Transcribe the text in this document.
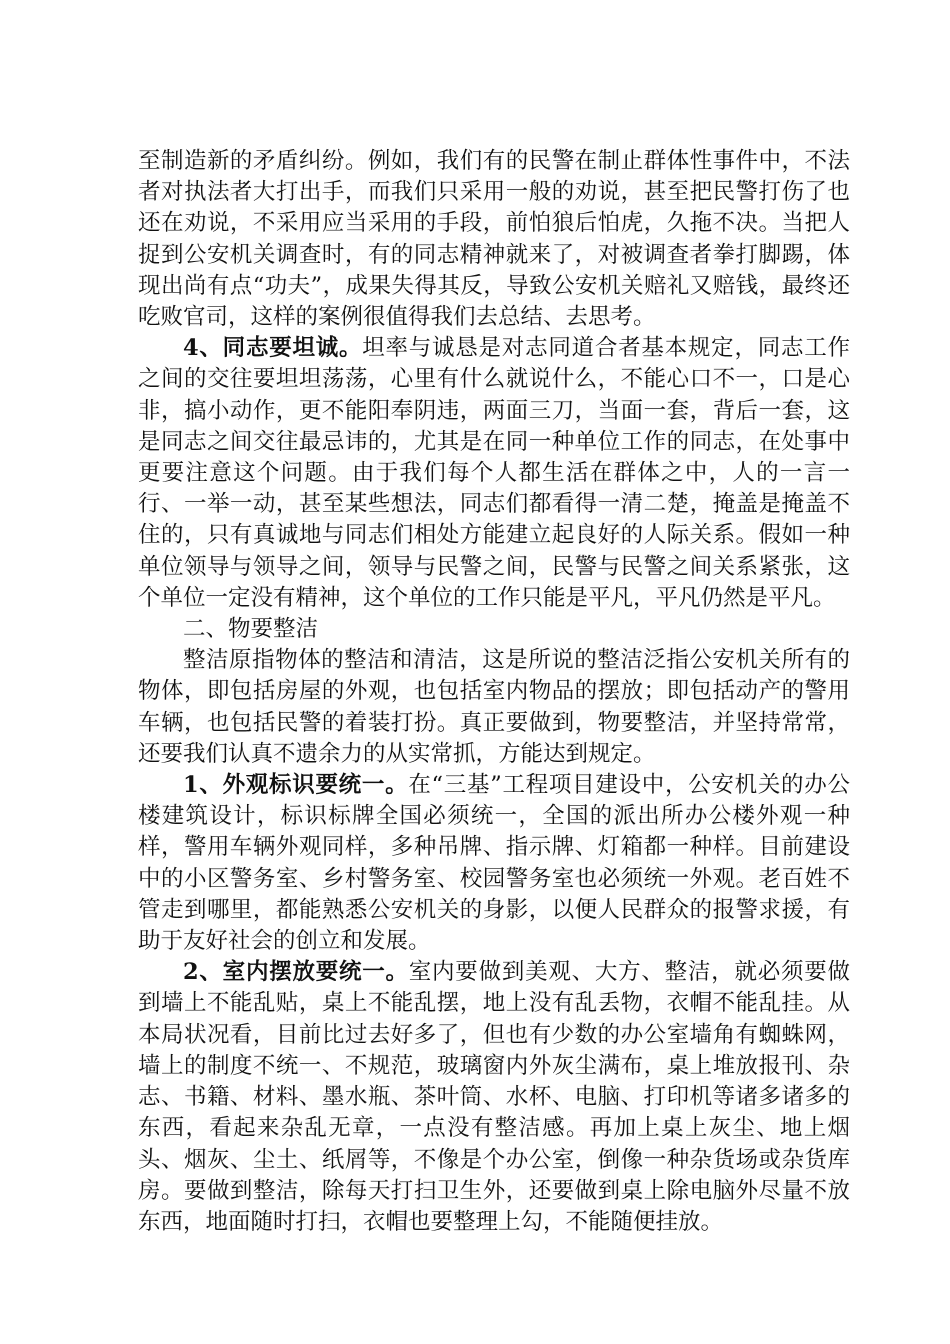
至制造新的矛盾纠纷。例如，我们有的民警在制止群体性事件中，不法者对执法者大打出手，而我们只采用一般的劝说，甚至把民警打伤了也还在劝说，不采用应当采用的手段，前怕狼后怕虎，久拖不决。当把人捉到公安机关调查时，有的同志精神就来了，对被调查者拳打脚踢，体现出尚有点“功夫”，成果失得其反，导致公安机关赔礼又赔钱，最终还吃败官司，这样的案例很值得我们去总结、去思考。

4、同志要坦诚。坦率与诚恳是对志同道合者基本规定，同志工作之间的交往要坦坦荡荡，心里有什么就说什么，不能心口不一，口是心非，搞小动作，更不能阳奉阴违，两面三刀，当面一套，背后一套，这是同志之间交往最忌讳的，尤其是在同一种单位工作的同志，在处事中更要注意这个问题。由于我们每个人都生活在群体之中，人的一言一行、一举一动，甚至某些想法，同志们都看得一清二楚，掩盖是掩盖不住的，只有真诚地与同志们相处方能建立起良好的人际关系。假如一种单位领导与领导之间，领导与民警之间，民警与民警之间关系紧张，这个单位一定没有精神，这个单位的工作只能是平凡，平凡仍然是平凡。

二、物要整洁

整洁原指物体的整洁和清洁，这是所说的整洁泛指公安机关所有的物体，即包括房屋的外观，也包括室内物品的摆放；即包括动产的警用车辆，也包括民警的着装打扮。真正要做到，物要整洁，并坚持常常，还要我们认真不遗余力的从实常抓，方能达到规定。

1、外观标识要统一。在“三基”工程项目建设中，公安机关的办公楼建筑设计，标识标牌全国必须统一，全国的派出所办公楼外观一种样，警用车辆外观同样，多种吊牌、指示牌、灯箱都一种样。目前建设中的小区警务室、乡村警务室、校园警务室也必须统一外观。老百姓不管走到哪里，都能熟悉公安机关的身影，以便人民群众的报警求援，有助于友好社会的创立和发展。

2、室内摆放要统一。室内要做到美观、大方、整洁，就必须要做到墙上不能乱贴，桌上不能乱摆，地上没有乱丢物，衣帽不能乱挂。从本局状况看，目前比过去好多了，但也有少数的办公室墙角有蜘蛛网，墙上的制度不统一、不规范，玻璃窗内外灰尘满布，桌上堆放报刊、杂志、书籍、材料、墨水瓶、茶叶筒、水杯、电脑、打印机等诸多诸多的东西，看起来杂乱无章，一点没有整洁感。再加上桌上灰尘、地上烟头、烟灰、尘土、纸屑等，不像是个办公室，倒像一种杂货场或杂货库房。要做到整洁，除每天打扫卫生外，还要做到桌上除电脑外尽量不放东西，地面随时打扫，衣帽也要整理上勾，不能随便挂放。
